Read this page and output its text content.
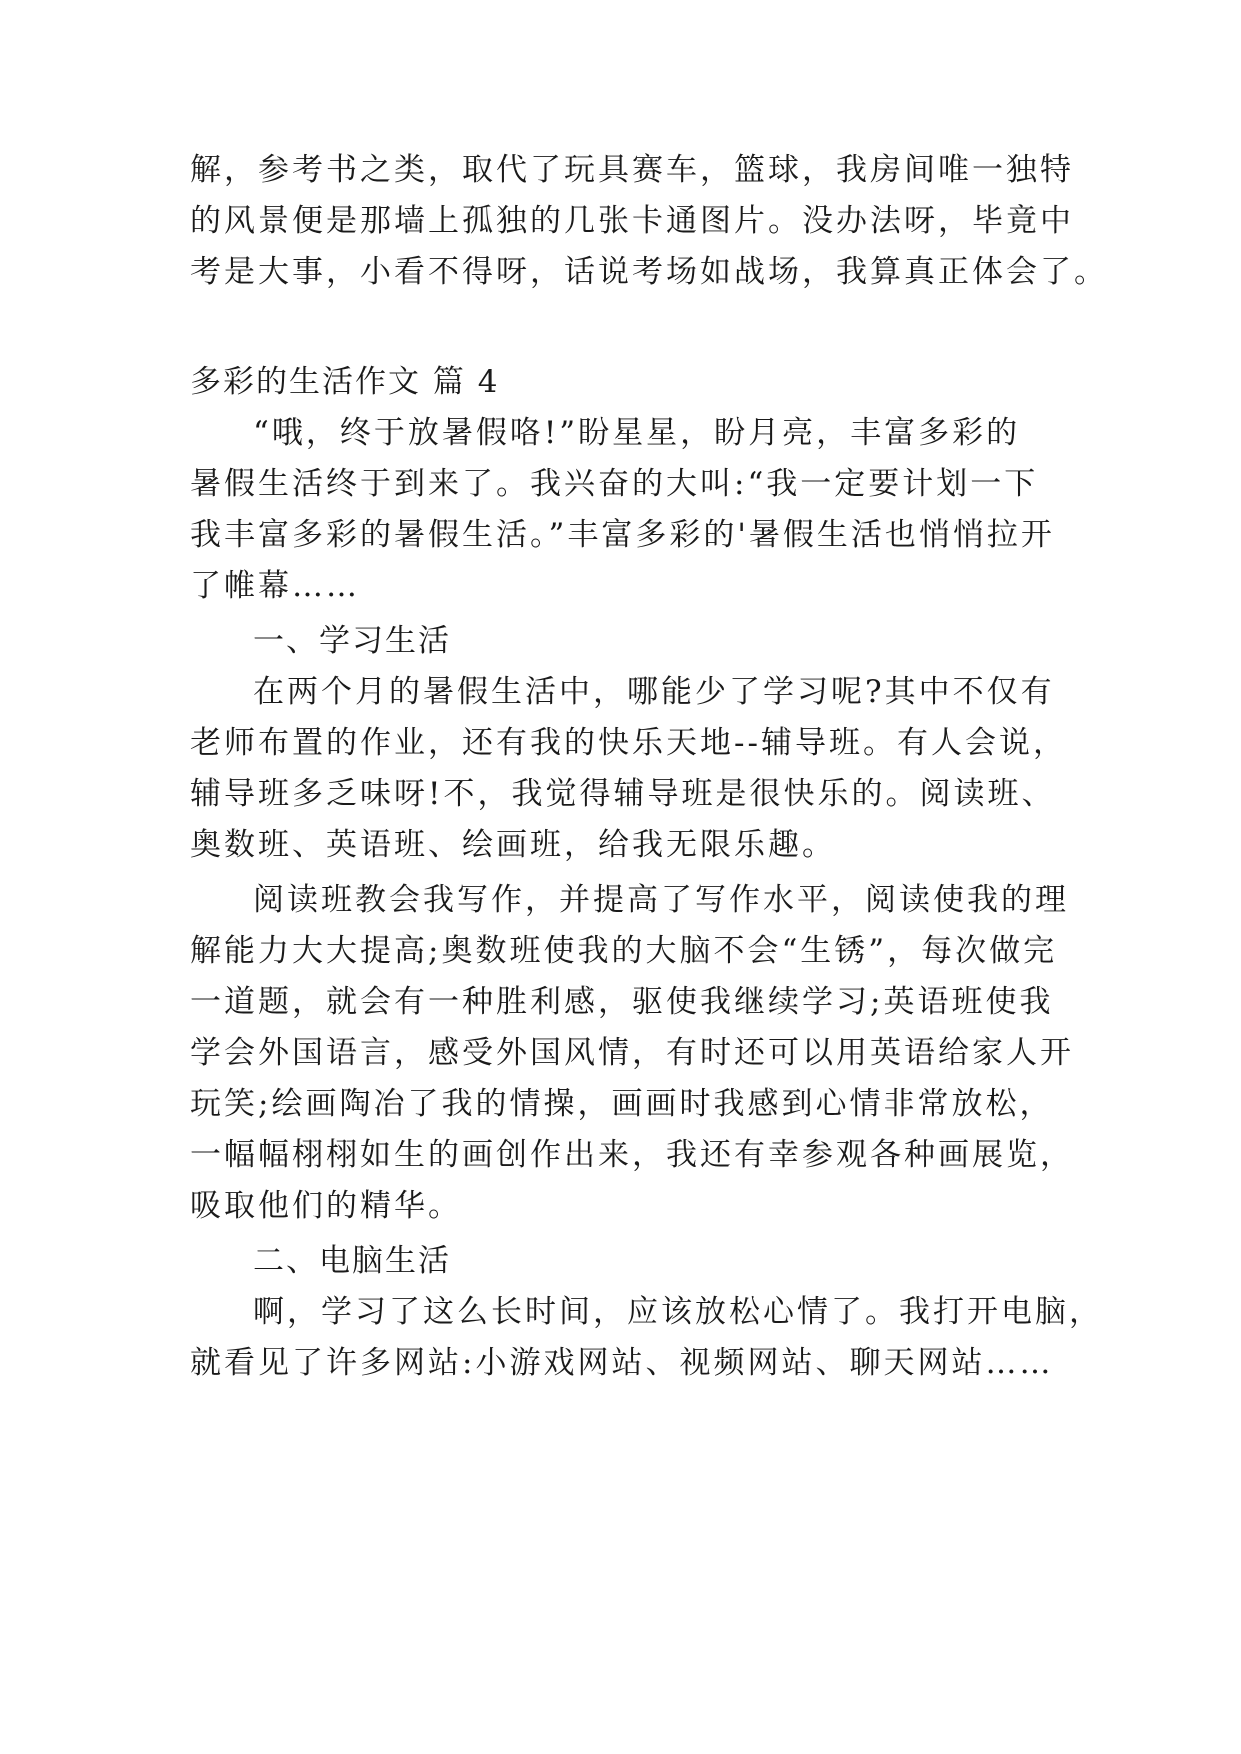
解，参考书之类，取代了玩具赛车，篮球，我房间唯一独特
的风景便是那墙上孤独的几张卡通图片。没办法呀，毕竟中
考是大事，小看不得呀，话说考场如战场，我算真正体会了。
多彩的生活作文 篇 4
“哦，终于放暑假咯!”盼星星，盼月亮，丰富多彩的
暑假生活终于到来了。我兴奋的大叫:“我一定要计划一下
我丰富多彩的暑假生活。”丰富多彩的'暑假生活也悄悄拉开
了帷幕……
一、学习生活
在两个月的暑假生活中，哪能少了学习呢?其中不仅有
老师布置的作业，还有我的快乐天地--辅导班。有人会说，
辅导班多乏味呀!不，我觉得辅导班是很快乐的。阅读班、
奥数班、英语班、绘画班，给我无限乐趣。
阅读班教会我写作，并提高了写作水平，阅读使我的理
解能力大大提高;奥数班使我的大脑不会“生锈”，每次做完
一道题，就会有一种胜利感，驱使我继续学习;英语班使我
学会外国语言，感受外国风情，有时还可以用英语给家人开
玩笑;绘画陶冶了我的情操，画画时我感到心情非常放松，
一幅幅栩栩如生的画创作出来，我还有幸参观各种画展览，
吸取他们的精华。
二、电脑生活
啊，学习了这么长时间，应该放松心情了。我打开电脑，
就看见了许多网站:小游戏网站、视频网站、聊天网站……
